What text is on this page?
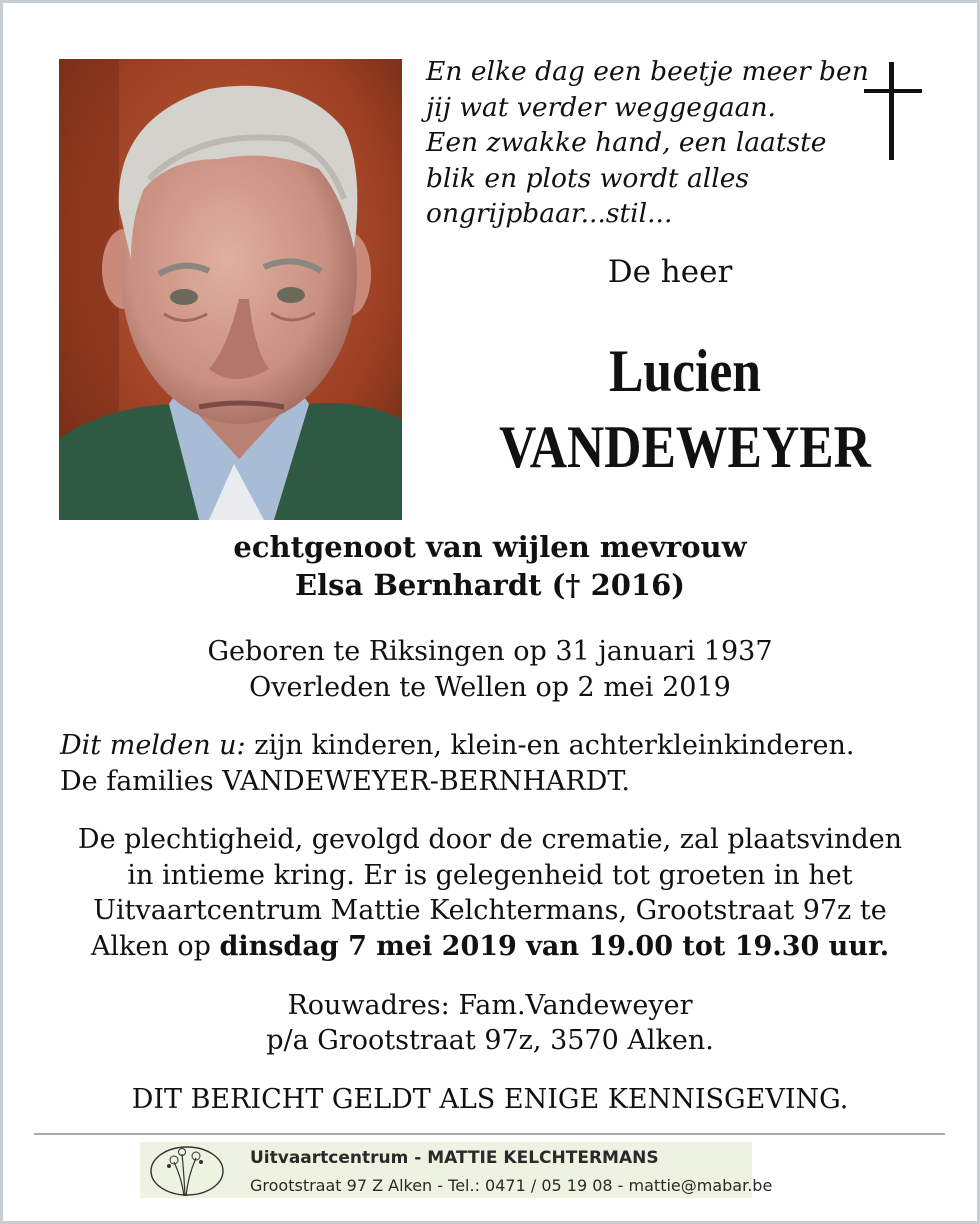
En elke dag een beetje meer ben
jij wat verder weggegaan.
Een zwakke hand, een laatste
blik en plots wordt alles
ongrijpbaar...stil...
De heer
Lucien
VANDEWEYER
echtgenoot van wijlen mevrouw
Elsa Bernhardt († 2016)
Geboren te Riksingen op 31 januari 1937
Overleden te Wellen op 2 mei 2019
Dit melden u: zijn kinderen, klein-en achterkleinkinderen.
De families VANDEWEYER-BERNHARDT.
De plechtigheid, gevolgd door de crematie, zal plaatsvinden
in intieme kring. Er is gelegenheid tot groeten in het
Uitvaartcentrum Mattie Kelchtermans, Grootstraat 97z te
Alken op dinsdag 7 mei 2019 van 19.00 tot 19.30 uur.
Rouwadres: Fam.Vandeweyer
p/a Grootstraat 97z, 3570 Alken.
DIT BERICHT GELDT ALS ENIGE KENNISGEVING.
Uitvaartcentrum - MATTIE KELCHTERMANS
Grootstraat 97 Z Alken - Tel.: 0471 / 05 19 08 - mattie@mabar.be
